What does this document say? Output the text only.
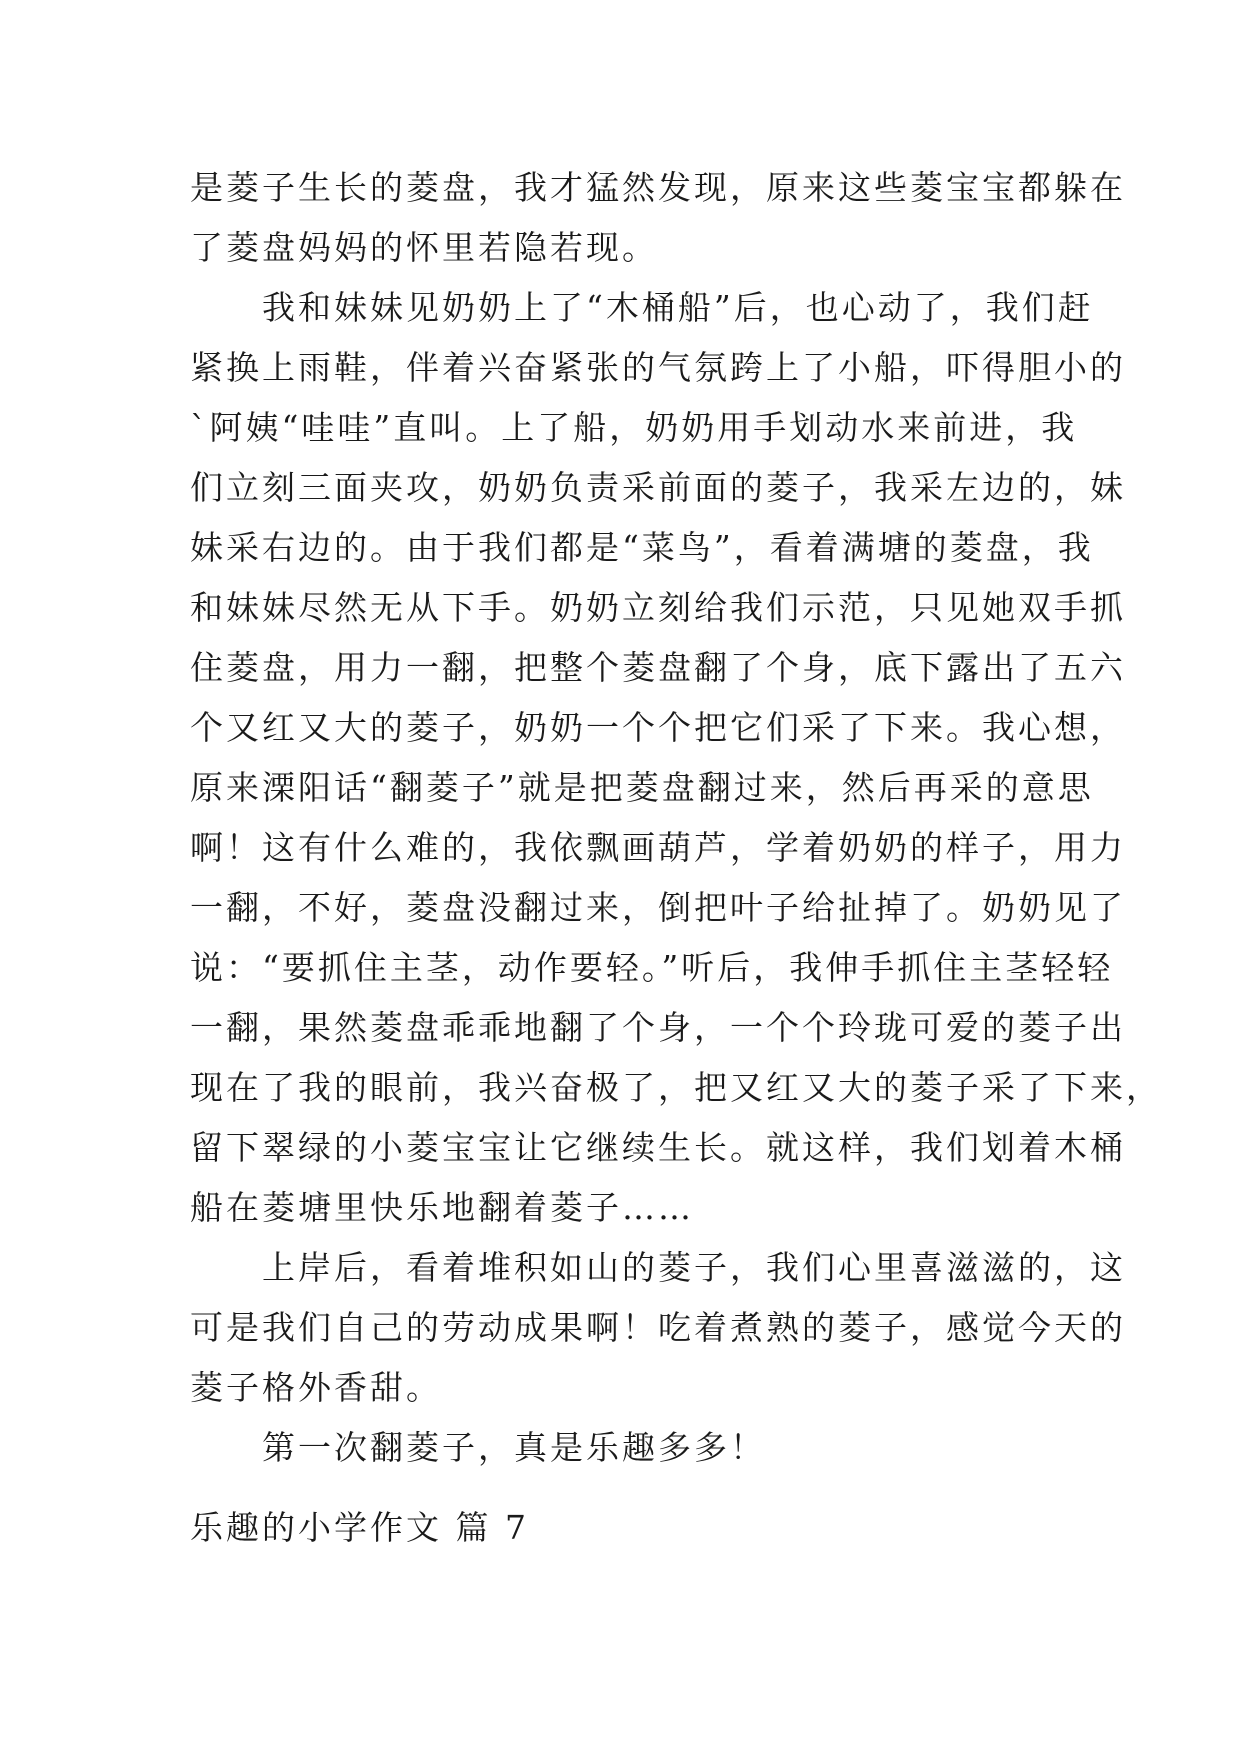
是菱子生长的菱盘，我才猛然发现，原来这些菱宝宝都躲在
了菱盘妈妈的怀里若隐若现。
　　我和妹妹见奶奶上了“木桶船”后，也心动了，我们赶
紧换上雨鞋，伴着兴奋紧张的气氛跨上了小船，吓得胆小的
`阿姨“哇哇”直叫。上了船，奶奶用手划动水来前进，我
们立刻三面夹攻，奶奶负责采前面的菱子，我采左边的，妹
妹采右边的。由于我们都是“菜鸟”，看着满塘的菱盘，我
和妹妹尽然无从下手。奶奶立刻给我们示范，只见她双手抓
住菱盘，用力一翻，把整个菱盘翻了个身，底下露出了五六
个又红又大的菱子，奶奶一个个把它们采了下来。我心想，
原来溧阳话“翻菱子”就是把菱盘翻过来，然后再采的意思
啊！这有什么难的，我依飘画葫芦，学着奶奶的样子，用力
一翻，不好，菱盘没翻过来，倒把叶子给扯掉了。奶奶见了
说：“要抓住主茎，动作要轻。”听后，我伸手抓住主茎轻轻
一翻，果然菱盘乖乖地翻了个身，一个个玲珑可爱的菱子出
现在了我的眼前，我兴奋极了，把又红又大的菱子采了下来，
留下翠绿的小菱宝宝让它继续生长。就这样，我们划着木桶
船在菱塘里快乐地翻着菱子……
　　上岸后，看着堆积如山的菱子，我们心里喜滋滋的，这
可是我们自己的劳动成果啊！吃着煮熟的菱子，感觉今天的
菱子格外香甜。
　　第一次翻菱子，真是乐趣多多！
乐趣的小学作文 篇 7
